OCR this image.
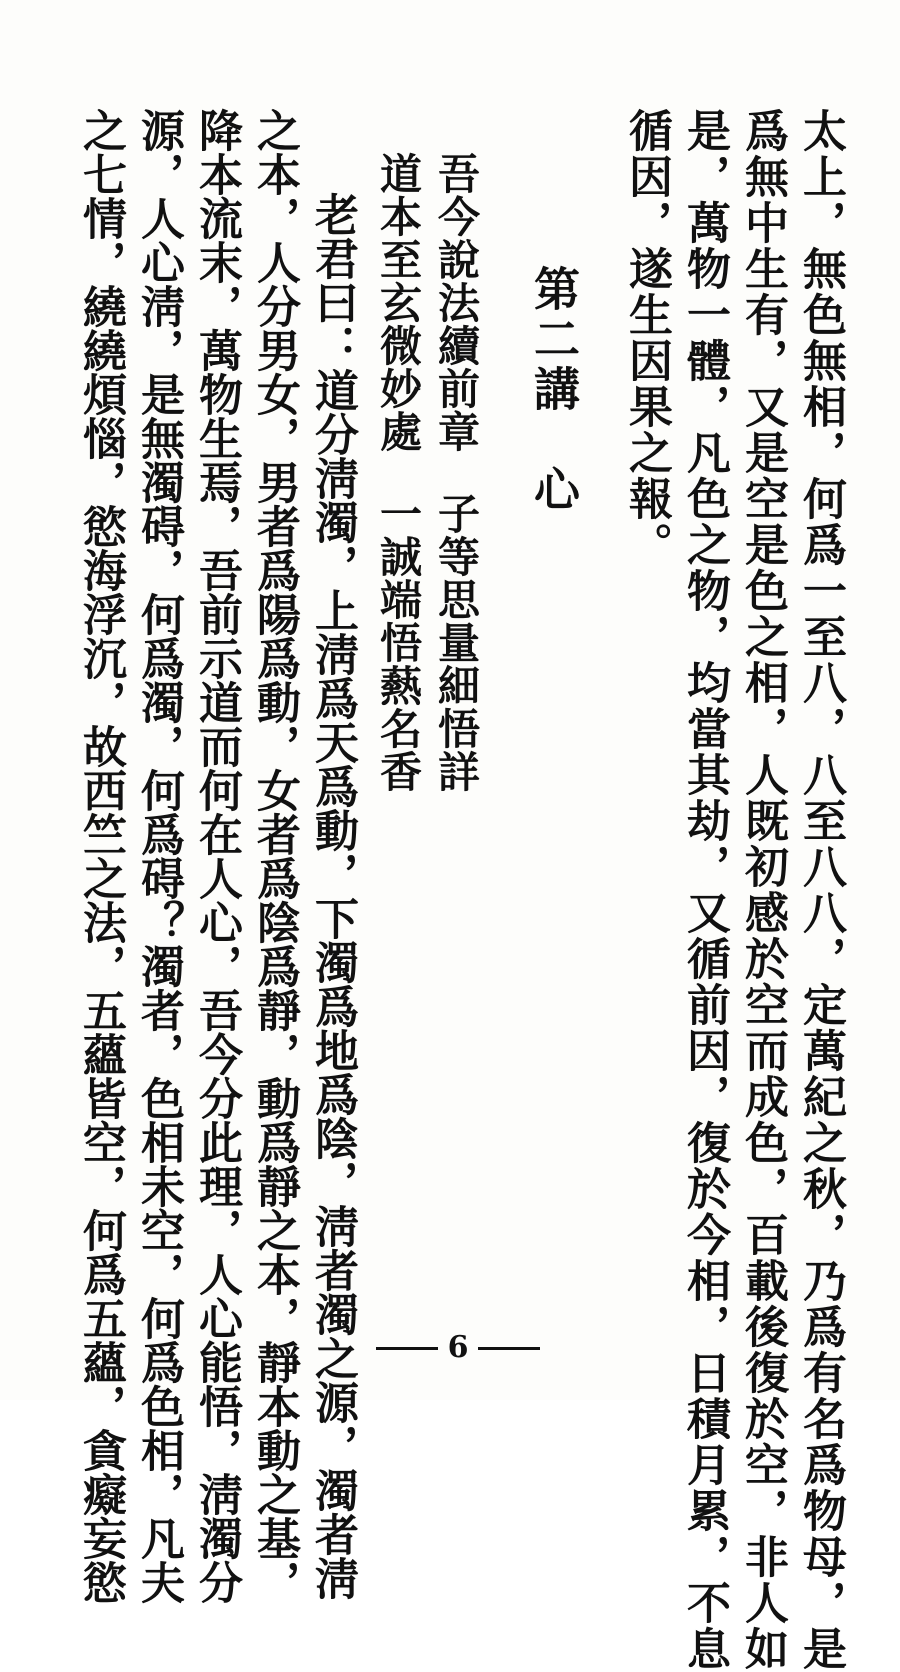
太上，無色無相，何爲一至八，八至八八，定萬紀之秋，乃爲有名爲物母，是
爲無中生有，又是空是色之相，人既初感於空而成色，百載後復於空，非人如
是，萬物一體，凡色之物，均當其劫，又循前因，復於今相，日積月累，不息
循因，遂生因果之報。
第二講　心
吾今說法續前章
子等思量細悟詳
道本至玄微妙處
一誠端悟爇名香
老君曰：道分淸濁，上淸爲天爲動，下濁爲地爲陰，淸者濁之源，濁者淸
之本，人分男女，男者爲陽爲動，女者爲陰爲靜，動爲靜之本，靜本動之基，
降本流末，萬物生焉，吾前示道而何在人心，吾今分此理，人心能悟，淸濁分
源，人心淸，是無濁碍，何爲濁，何爲碍？濁者，色相未空，何爲色相，凡夫
之七情，繞繞煩惱，慾海浮沉，故西竺之法，五蘊皆空，何爲五蘊，貪癡妄慾	6
